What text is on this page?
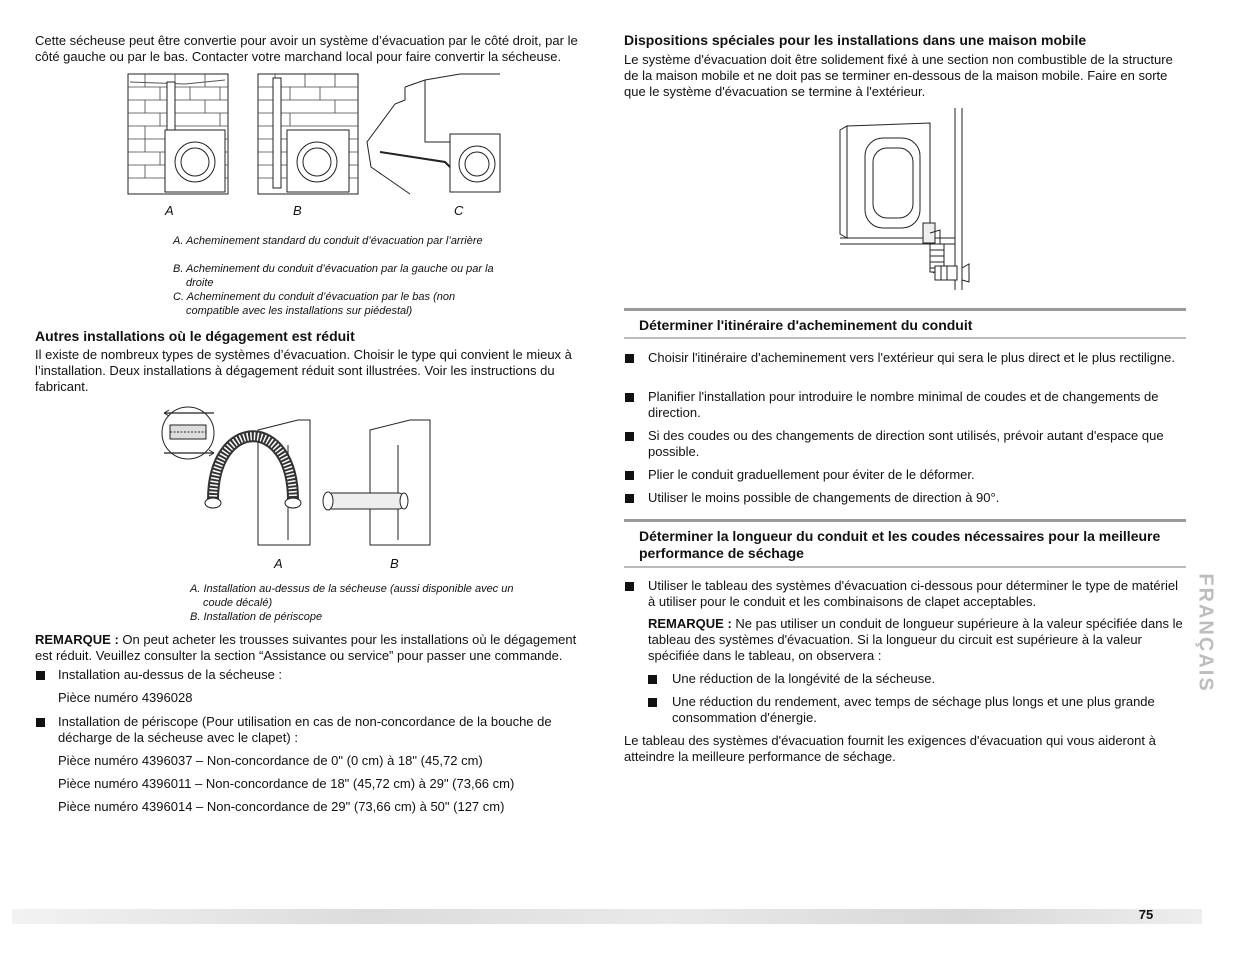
Cette sécheuse peut être convertie pour avoir un système d’évacuation par le côté droit, par le côté gauche ou par le bas. Contacter votre marchand local pour faire convertir la sécheuse.
A	B	C
A. Acheminement standard du conduit d’évacuation par l’arrière
B. Acheminement du conduit d’évacuation par la gauche ou par la droite
C. Acheminement du conduit d’évacuation par le bas (non compatible avec les installations sur piédestal)
Autres installations où le dégagement est réduit
Il existe de nombreux types de systèmes d’évacuation. Choisir le type qui convient le mieux à l’installation. Deux installations à dégagement réduit sont illustrées. Voir les instructions du fabricant.
A	B
A. Installation au-dessus de la sécheuse (aussi disponible avec un coude décalé)
B. Installation de périscope
REMARQUE : On peut acheter les trousses suivantes pour les installations où le dégagement est réduit. Veuillez consulter la section “Assistance ou service” pour passer une commande.
Installation au-dessus de la sécheuse :
Pièce numéro 4396028
Installation de périscope (Pour utilisation en cas de non-concordance de la bouche de décharge de la sécheuse avec le clapet) :
Pièce numéro 4396037 – Non-concordance de 0" (0 cm) à 18" (45,72 cm)
Pièce numéro 4396011 – Non-concordance de 18" (45,72 cm) à 29" (73,66 cm)
Pièce numéro 4396014 – Non-concordance de 29" (73,66 cm) à 50" (127 cm)
Dispositions spéciales pour les installations dans une maison mobile
Le système d'évacuation doit être solidement fixé à une section non combustible de la structure de la maison mobile et ne doit pas se terminer en-dessous de la maison mobile. Faire en sorte que le système d'évacuation se termine à l'extérieur.
Déterminer l'itinéraire d'acheminement du conduit
Choisir l'itinéraire d'acheminement vers l'extérieur qui sera le plus direct et le plus rectiligne.
Planifier l'installation pour introduire le nombre minimal de coudes et de changements de direction.
Si des coudes ou des changements de direction sont utilisés, prévoir autant d'espace que possible.
Plier le conduit graduellement pour éviter de le déformer.
Utiliser le moins possible de changements de direction à 90°.
Déterminer la longueur du conduit et les coudes nécessaires pour la meilleure performance de séchage
Utiliser le tableau des systèmes d'évacuation ci-dessous pour déterminer le type de matériel à utiliser pour le conduit et les combinaisons de clapet acceptables.
REMARQUE : Ne pas utiliser un conduit de longueur supérieure à la valeur spécifiée dans le tableau des systèmes d'évacuation. Si la longueur du circuit est supérieure à la valeur spécifiée dans le tableau, on observera :
Une réduction de la longévité de la sécheuse.
Une réduction du rendement, avec temps de séchage plus longs et une plus grande consommation d'énergie.
Le tableau des systèmes d'évacuation fournit les exigences d'évacuation qui vous aideront à atteindre la meilleure performance de séchage.
FRANÇAIS
75
